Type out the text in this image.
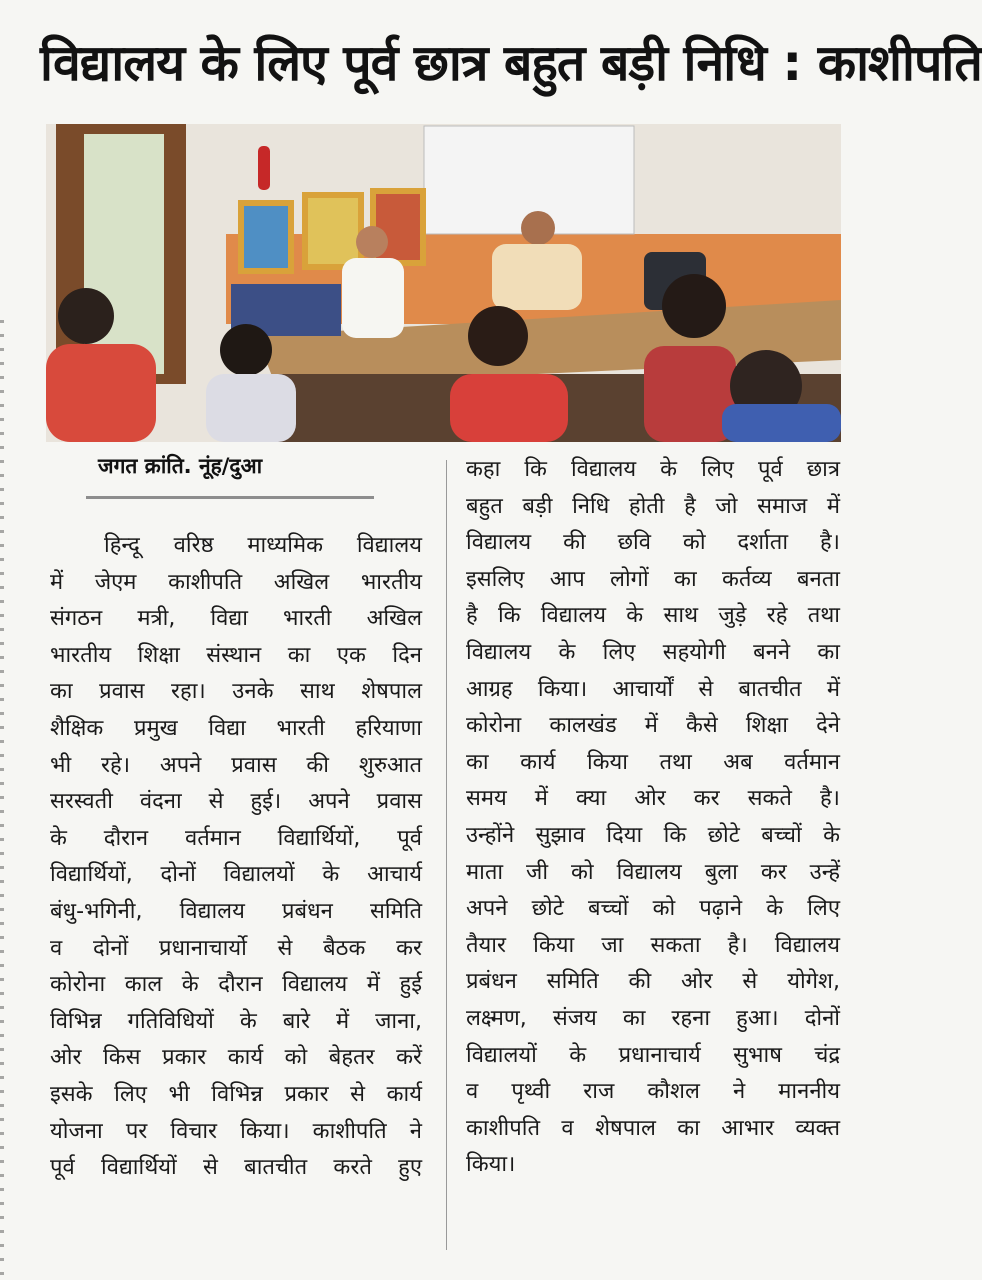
विद्यालय के लिए पूर्व छात्र बहुत बड़ी निधि : काशीपति
जगत क्रांति. नूंह/दुआ
हिन्दू वरिष्ठ माध्यमिक विद्यालय
में जेएम काशीपति अखिल भारतीय
संगठन मत्री, विद्या भारती अखिल
भारतीय शिक्षा संस्थान का एक दिन
का प्रवास रहा। उनके साथ शेषपाल
शैक्षिक प्रमुख विद्या भारती हरियाणा
भी रहे। अपने प्रवास की शुरुआत
सरस्वती वंदना से हुई। अपने प्रवास
के दौरान वर्तमान विद्यार्थियों, पूर्व
विद्यार्थियों, दोनों विद्यालयों के आचार्य
बंधु-भगिनी, विद्यालय प्रबंधन समिति
व दोनों प्रधानाचार्यो से बैठक कर
कोरोना काल के दौरान विद्यालय में हुई
विभिन्न गतिविधियों के बारे में जाना,
ओर किस प्रकार कार्य को बेहतर करें
इसके लिए भी विभिन्न प्रकार से कार्य
योजना पर विचार किया। काशीपति ने
पूर्व विद्यार्थियों से बातचीत करते हुए
कहा कि विद्यालय के लिए पूर्व छात्र
बहुत बड़ी निधि होती है जो समाज में
विद्यालय की छवि को दर्शाता है।
इसलिए आप लोगों का कर्तव्य बनता
है कि विद्यालय के साथ जुड़े रहे तथा
विद्यालय के लिए सहयोगी बनने का
आग्रह किया। आचार्यों से बातचीत में
कोरोना कालखंड में कैसे शिक्षा देने
का कार्य किया तथा अब वर्तमान
समय में क्या ओर कर सकते है।
उन्होंने सुझाव दिया कि छोटे बच्चों के
माता जी को विद्यालय बुला कर उन्हें
अपने छोटे बच्चों को पढ़ाने के लिए
तैयार किया जा सकता है। विद्यालय
प्रबंधन समिति की ओर से योगेश,
लक्ष्मण, संजय का रहना हुआ। दोनों
विद्यालयों के प्रधानाचार्य सुभाष चंद्र
व पृथ्वी राज कौशल ने माननीय
काशीपति व शेषपाल का आभार व्यक्त
किया।
